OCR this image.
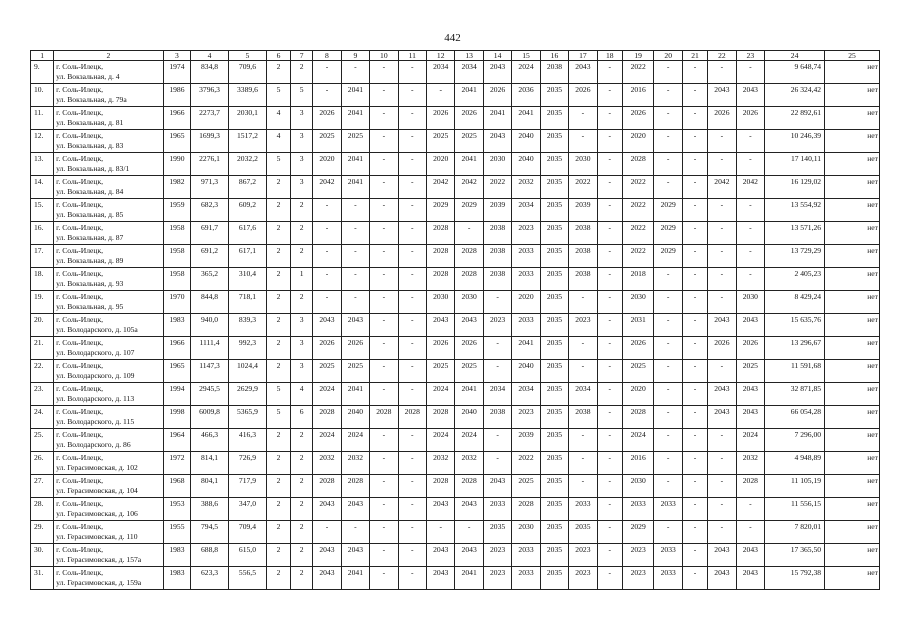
442
1	2	3	4	5	6	7	8	9	10	11	12	13	14	15	16	17	18	19	20	21	22	23	24	25
9.	г. Соль-Илецк,
ул. Вокзальная, д. 4	1974	834,8	709,6	2	2	-	-	-	-	2034	2034	2043	2024	2038	2043	-	2022	-	-	-	-	9 648,74	нет
10.	г. Соль-Илецк,
ул. Вокзальная, д. 79а	1986	3796,3	3389,6	5	5	-	2041	-	-	-	2041	2026	2036	2035	2026	-	2016	-	-	2043	2043	26 324,42	нет
11.	г. Соль-Илецк,
ул. Вокзальная, д. 81	1966	2273,7	2030,1	4	3	2026	2041	-	-	2026	2026	2041	2041	2035	-	-	2026	-	-	2026	2026	22 892,61	нет
12.	г. Соль-Илецк,
ул. Вокзальная, д. 83	1965	1699,3	1517,2	4	3	2025	2025	-	-	2025	2025	2043	2040	2035	-	-	2020	-	-	-	-	10 246,39	нет
13.	г. Соль-Илецк,
ул. Вокзальная, д. 83/1	1990	2276,1	2032,2	5	3	2020	2041	-	-	2020	2041	2030	2040	2035	2030	-	2028	-	-	-	-	17 140,11	нет
14.	г. Соль-Илецк,
ул. Вокзальная, д. 84	1982	971,3	867,2	2	3	2042	2041	-	-	2042	2042	2022	2032	2035	2022	-	2022	-	-	2042	2042	16 129,02	нет
15.	г. Соль-Илецк,
ул. Вокзальная, д. 85	1959	682,3	609,2	2	2	-	-	-	-	2029	2029	2039	2034	2035	2039	-	2022	2029	-	-	-	13 554,92	нет
16.	г. Соль-Илецк,
ул. Вокзальная, д. 87	1958	691,7	617,6	2	2	-	-	-	-	2028	-	2038	2023	2035	2038	-	2022	2029	-	-	-	13 571,26	нет
17.	г. Соль-Илецк,
ул. Вокзальная, д. 89	1958	691,2	617,1	2	2	-	-	-	-	2028	2028	2038	2033	2035	2038	-	2022	2029	-	-	-	13 729,29	нет
18.	г. Соль-Илецк,
ул. Вокзальная, д. 93	1958	365,2	310,4	2	1	-	-	-	-	2028	2028	2038	2033	2035	2038	-	2018	-	-	-	-	2 405,23	нет
19.	г. Соль-Илецк,
ул. Вокзальная, д. 95	1970	844,8	718,1	2	2	-	-	-	-	2030	2030	-	2020	2035	-	-	2030	-	-	-	2030	8 429,24	нет
20.	г. Соль-Илецк,
ул. Володарского, д. 105а	1983	940,0	839,3	2	3	2043	2043	-	-	2043	2043	2023	2033	2035	2023	-	2031	-	-	2043	2043	15 635,76	нет
21.	г. Соль-Илецк,
ул. Володарского, д. 107	1966	1111,4	992,3	2	3	2026	2026	-	-	2026	2026	-	2041	2035	-	-	2026	-	-	2026	2026	13 296,67	нет
22.	г. Соль-Илецк,
ул. Володарского, д. 109	1965	1147,3	1024,4	2	3	2025	2025	-	-	2025	2025	-	2040	2035	-	-	2025	-	-	-	2025	11 591,68	нет
23.	г. Соль-Илецк,
ул. Володарского, д. 113	1994	2945,5	2629,9	5	4	2024	2041	-	-	2024	2041	2034	2034	2035	2034	-	2020	-	-	2043	2043	32 871,85	нет
24.	г. Соль-Илецк,
ул. Володарского, д. 115	1998	6009,8	5365,9	5	6	2028	2040	2028	2028	2028	2040	2038	2023	2035	2038	-	2028	-	-	2043	2043	66 054,28	нет
25.	г. Соль-Илецк,
ул. Володарского, д. 86	1964	466,3	416,3	2	2	2024	2024	-	-	2024	2024	-	2039	2035	-	-	2024	-	-	-	2024	7 296,00	нет
26.	г. Соль-Илецк,
ул. Герасимовская, д. 102	1972	814,1	726,9	2	2	2032	2032	-	-	2032	2032	-	2022	2035	-	-	2016	-	-	-	2032	4 948,89	нет
27.	г. Соль-Илецк,
ул. Герасимовская, д. 104	1968	804,1	717,9	2	2	2028	2028	-	-	2028	2028	2043	2025	2035	-	-	2030	-	-	-	2028	11 105,19	нет
28.	г. Соль-Илецк,
ул. Герасимовская, д. 106	1953	388,6	347,0	2	2	2043	2043	-	-	2043	2043	2033	2028	2035	2033	-	2033	2033	-	-	-	11 556,15	нет
29.	г. Соль-Илецк,
ул. Герасимовская, д. 110	1955	794,5	709,4	2	2	-	-	-	-	-	-	2035	2030	2035	2035	-	2029	-	-	-	-	7 820,01	нет
30.	г. Соль-Илецк,
ул. Герасимовская, д. 157а	1983	688,8	615,0	2	2	2043	2043	-	-	2043	2043	2023	2033	2035	2023	-	2023	2033	-	2043	2043	17 365,50	нет
31.	г. Соль-Илецк,
ул. Герасимовская, д. 159а	1983	623,3	556,5	2	2	2043	2041	-	-	2043	2041	2023	2033	2035	2023	-	2023	2033	-	2043	2043	15 792,38	нет
